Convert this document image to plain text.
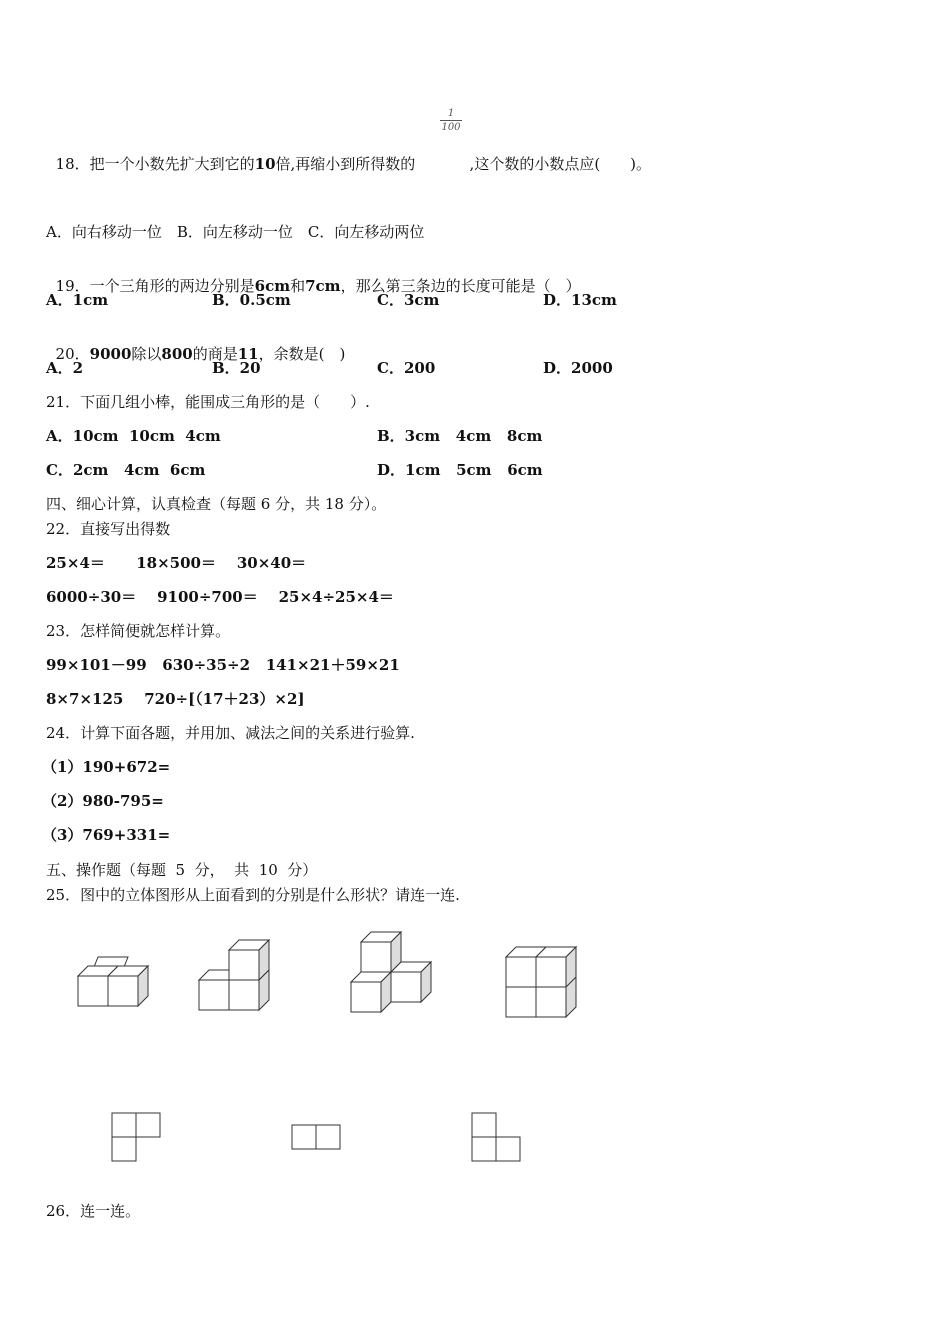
18．把一个小数先扩大到它的10倍,再缩小到所得数的

1
100

,这个数的小数点应(　　)。

A．向右移动一位　B．向左移动一位　C．向左移动两位

19．一个三角形的两边分别是6cm和7cm，那么第三条边的长度可能是（　）

A．1cm	B．0.5cm	C．3cm	D．13cm

20．9000除以800的商是11，余数是(　)

A．2	B．20	C．200	D．2000
21．下面几组小棒，能围成三角形的是（　　）.
A．10cm  10cm  4cm	B．3cm   4cm   8cm
C．2cm   4cm  6cm	D．1cm   5cm   6cm
四、细心计算，认真检查（每题 6 分，共 18 分）。
22．直接写出得数
25×4＝      18×500＝    30×40＝
6000÷30＝    9100÷700＝    25×4÷25×4＝
23．怎样简便就怎样计算。
99×101－99   630÷35÷2   141×21＋59×21
8×7×125    720÷[（17＋23）×2]
24．计算下面各题，并用加、减法之间的关系进行验算.
（1）190+672=
（2）980-795=
（3）769+331=
五、操作题（每题  5  分，  共  10  分）
25．图中的立体图形从上面看到的分别是什么形状？请连一连.
26．连一连。
